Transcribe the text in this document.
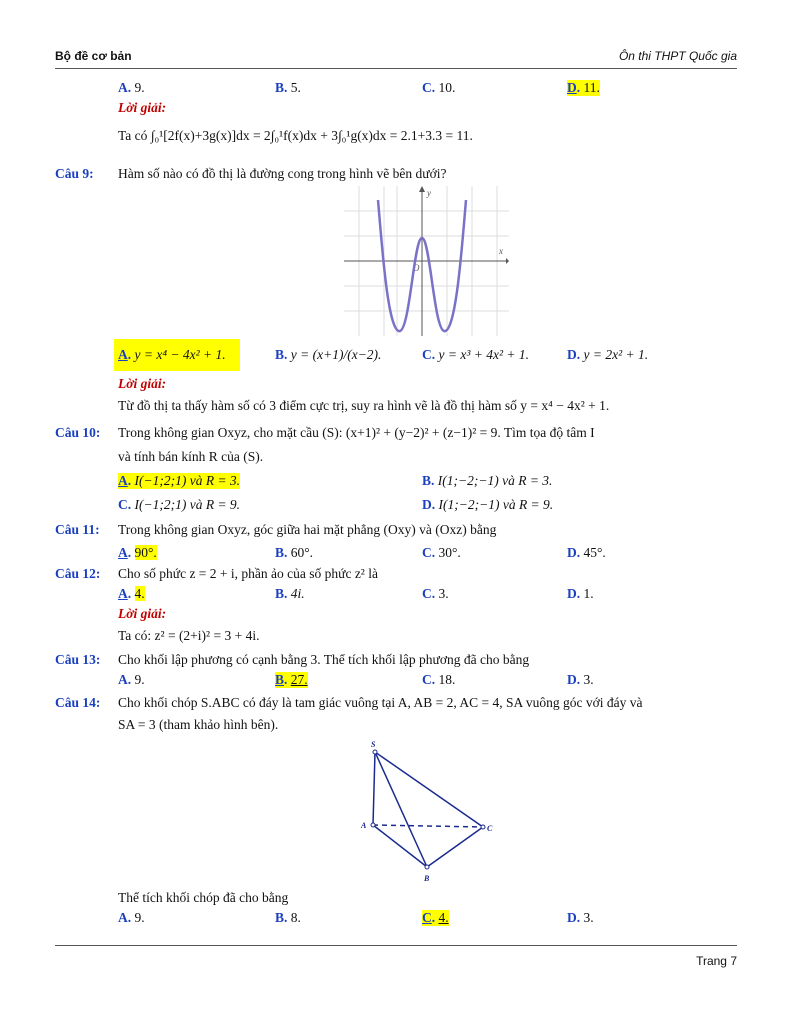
Bộ đề cơ bản	Ôn thi THPT Quốc gia
A. 9.	B. 5.	C. 10.	D. 11.
Lời giải:
Ta có ∫₀¹[2f(x)+3g(x)]dx = 2∫₀¹f(x)dx + 3∫₀¹g(x)dx = 2.1+3.3 = 11.
Câu 9: Hàm số nào có đồ thị là đường cong trong hình vẽ bên dưới?
y
x
O
A. y = x⁴ − 4x² + 1.	B. y = (x+1)/(x−2).	C. y = x³ + 4x² + 1.	D. y = 2x² + 1.
Lời giải:
Từ đồ thị ta thấy hàm số có 3 điểm cực trị, suy ra hình vẽ là đồ thị hàm số y = x⁴ − 4x² + 1.
Câu 10: Trong không gian Oxyz, cho mặt cầu (S): (x+1)² + (y−2)² + (z−1)² = 9. Tìm tọa độ tâm I
và tính bán kính R của (S).
A. I(−1;2;1) và R = 3.	B. I(1;−2;−1) và R = 3.
C. I(−1;2;1) và R = 9.	D. I(1;−2;−1) và R = 9.
Câu 11: Trong không gian Oxyz, góc giữa hai mặt phẳng (Oxy) và (Oxz) bằng
A. 90°.	B. 60°.	C. 30°.	D. 45°.
Câu 12: Cho số phức z = 2 + i, phần ảo của số phức z² là
A. 4.	B. 4i.	C. 3.	D. 1.
Lời giải:
Ta có: z² = (2+i)² = 3 + 4i.
Câu 13: Cho khối lập phương có cạnh bằng 3. Thể tích khối lập phương đã cho bằng
A. 9.	B. 27.	C. 18.	D. 3.
Câu 14: Cho khối chóp S.ABC có đáy là tam giác vuông tại A, AB = 2, AC = 4, SA vuông góc với đáy và
SA = 3 (tham khảo hình bên).
S
A
B
C
Thể tích khối chóp đã cho bằng
A. 9.	B. 8.	C. 4.	D. 3.
Trang 7
